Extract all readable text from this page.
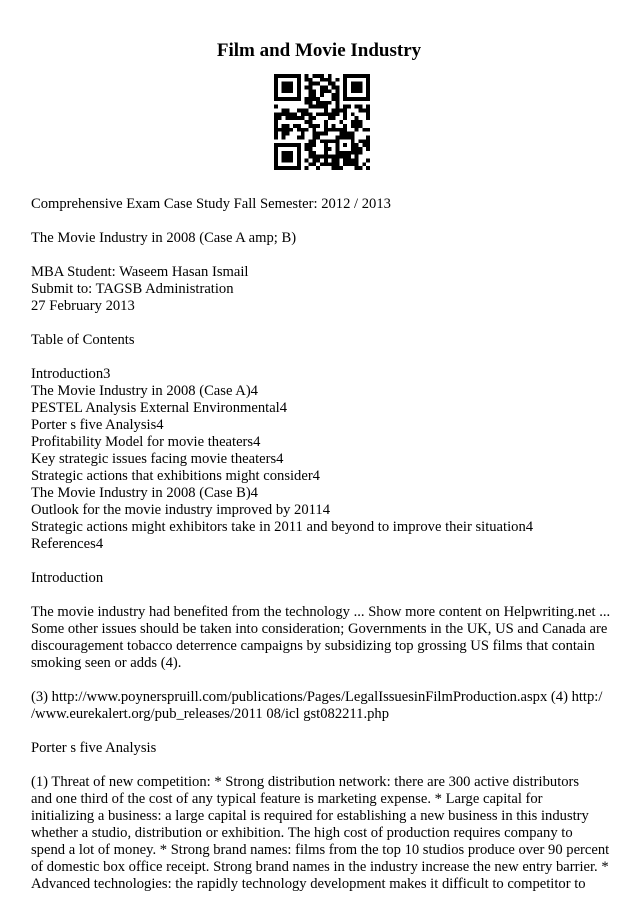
Film and Movie Industry
Comprehensive Exam Case Study Fall Semester: 2012 / 2013
The Movie Industry in 2008 (Case A amp; B)
MBA Student: Waseem Hasan Ismail
Submit to: TAGSB Administration
27 February 2013
Table of Contents
Introduction3
The Movie Industry in 2008 (Case A)4
PESTEL Analysis External Environmental4
Porter s five Analysis4
Profitability Model for movie theaters4
Key strategic issues facing movie theaters4
Strategic actions that exhibitions might consider4
The Movie Industry in 2008 (Case B)4
Outlook for the movie industry improved by 20114
Strategic actions might exhibitors take in 2011 and beyond to improve their situation4
References4
Introduction
The movie industry had benefited from the technology ... Show more content on Helpwriting.net ...
Some other issues should be taken into consideration; Governments in the UK, US and Canada are
discouragement tobacco deterrence campaigns by subsidizing top grossing US films that contain
smoking seen or adds (4).
(3) http://www.poynerspruill.com/publications/Pages/LegalIssuesinFilmProduction.aspx (4) http:/
/www.eurekalert.org/pub_releases/2011 08/icl gst082211.php
Porter s five Analysis
(1) Threat of new competition: * Strong distribution network: there are 300 active distributors
and one third of the cost of any typical feature is marketing expense. * Large capital for
initializing a business: a large capital is required for establishing a new business in this industry
whether a studio, distribution or exhibition. The high cost of production requires company to
spend a lot of money. * Strong brand names: films from the top 10 studios produce over 90 percent
of domestic box office receipt. Strong brand names in the industry increase the new entry barrier. *
Advanced technologies: the rapidly technology development makes it difficult to competitor to
